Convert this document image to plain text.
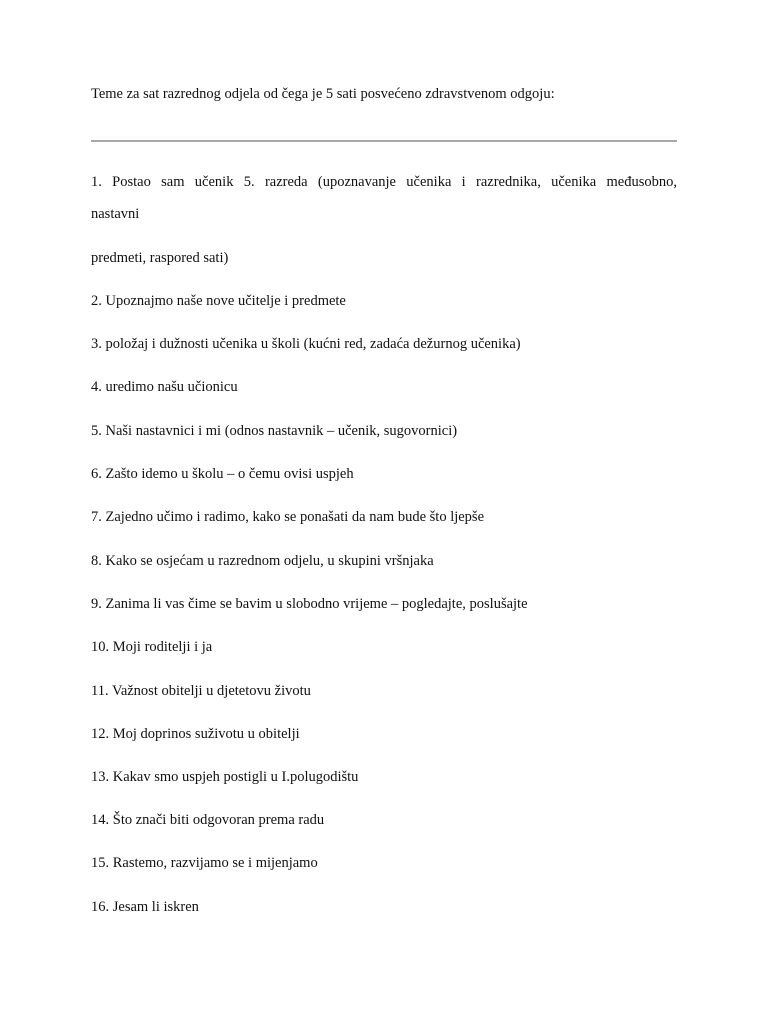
Teme za sat razrednog odjela od čega je 5 sati posvećeno zdravstvenom odgoju:
1. Postao sam učenik 5. razreda (upoznavanje učenika i razrednika, učenika međusobno,
nastavni
predmeti, raspored sati)
2. Upoznajmo naše nove učitelje i predmete
3. položaj i dužnosti učenika u školi (kućni red, zadaća dežurnog učenika)
4. uredimo našu učionicu
5. Naši nastavnici i mi (odnos nastavnik – učenik, sugovornici)
6. Zašto idemo u školu – o čemu ovisi uspjeh
7. Zajedno učimo i radimo, kako se ponašati da nam bude što ljepše
8. Kako se osjećam u razrednom odjelu, u skupini vršnjaka
9. Zanima li vas čime se bavim u slobodno vrijeme – pogledajte, poslušajte
10. Moji roditelji i ja
11. Važnost obitelji u djetetovu životu
12. Moj doprinos suživotu u obitelji
13. Kakav smo uspjeh postigli u I.polugodištu
14. Što znači biti odgovoran prema radu
15. Rastemo, razvijamo se i mijenjamo
16. Jesam li iskren
